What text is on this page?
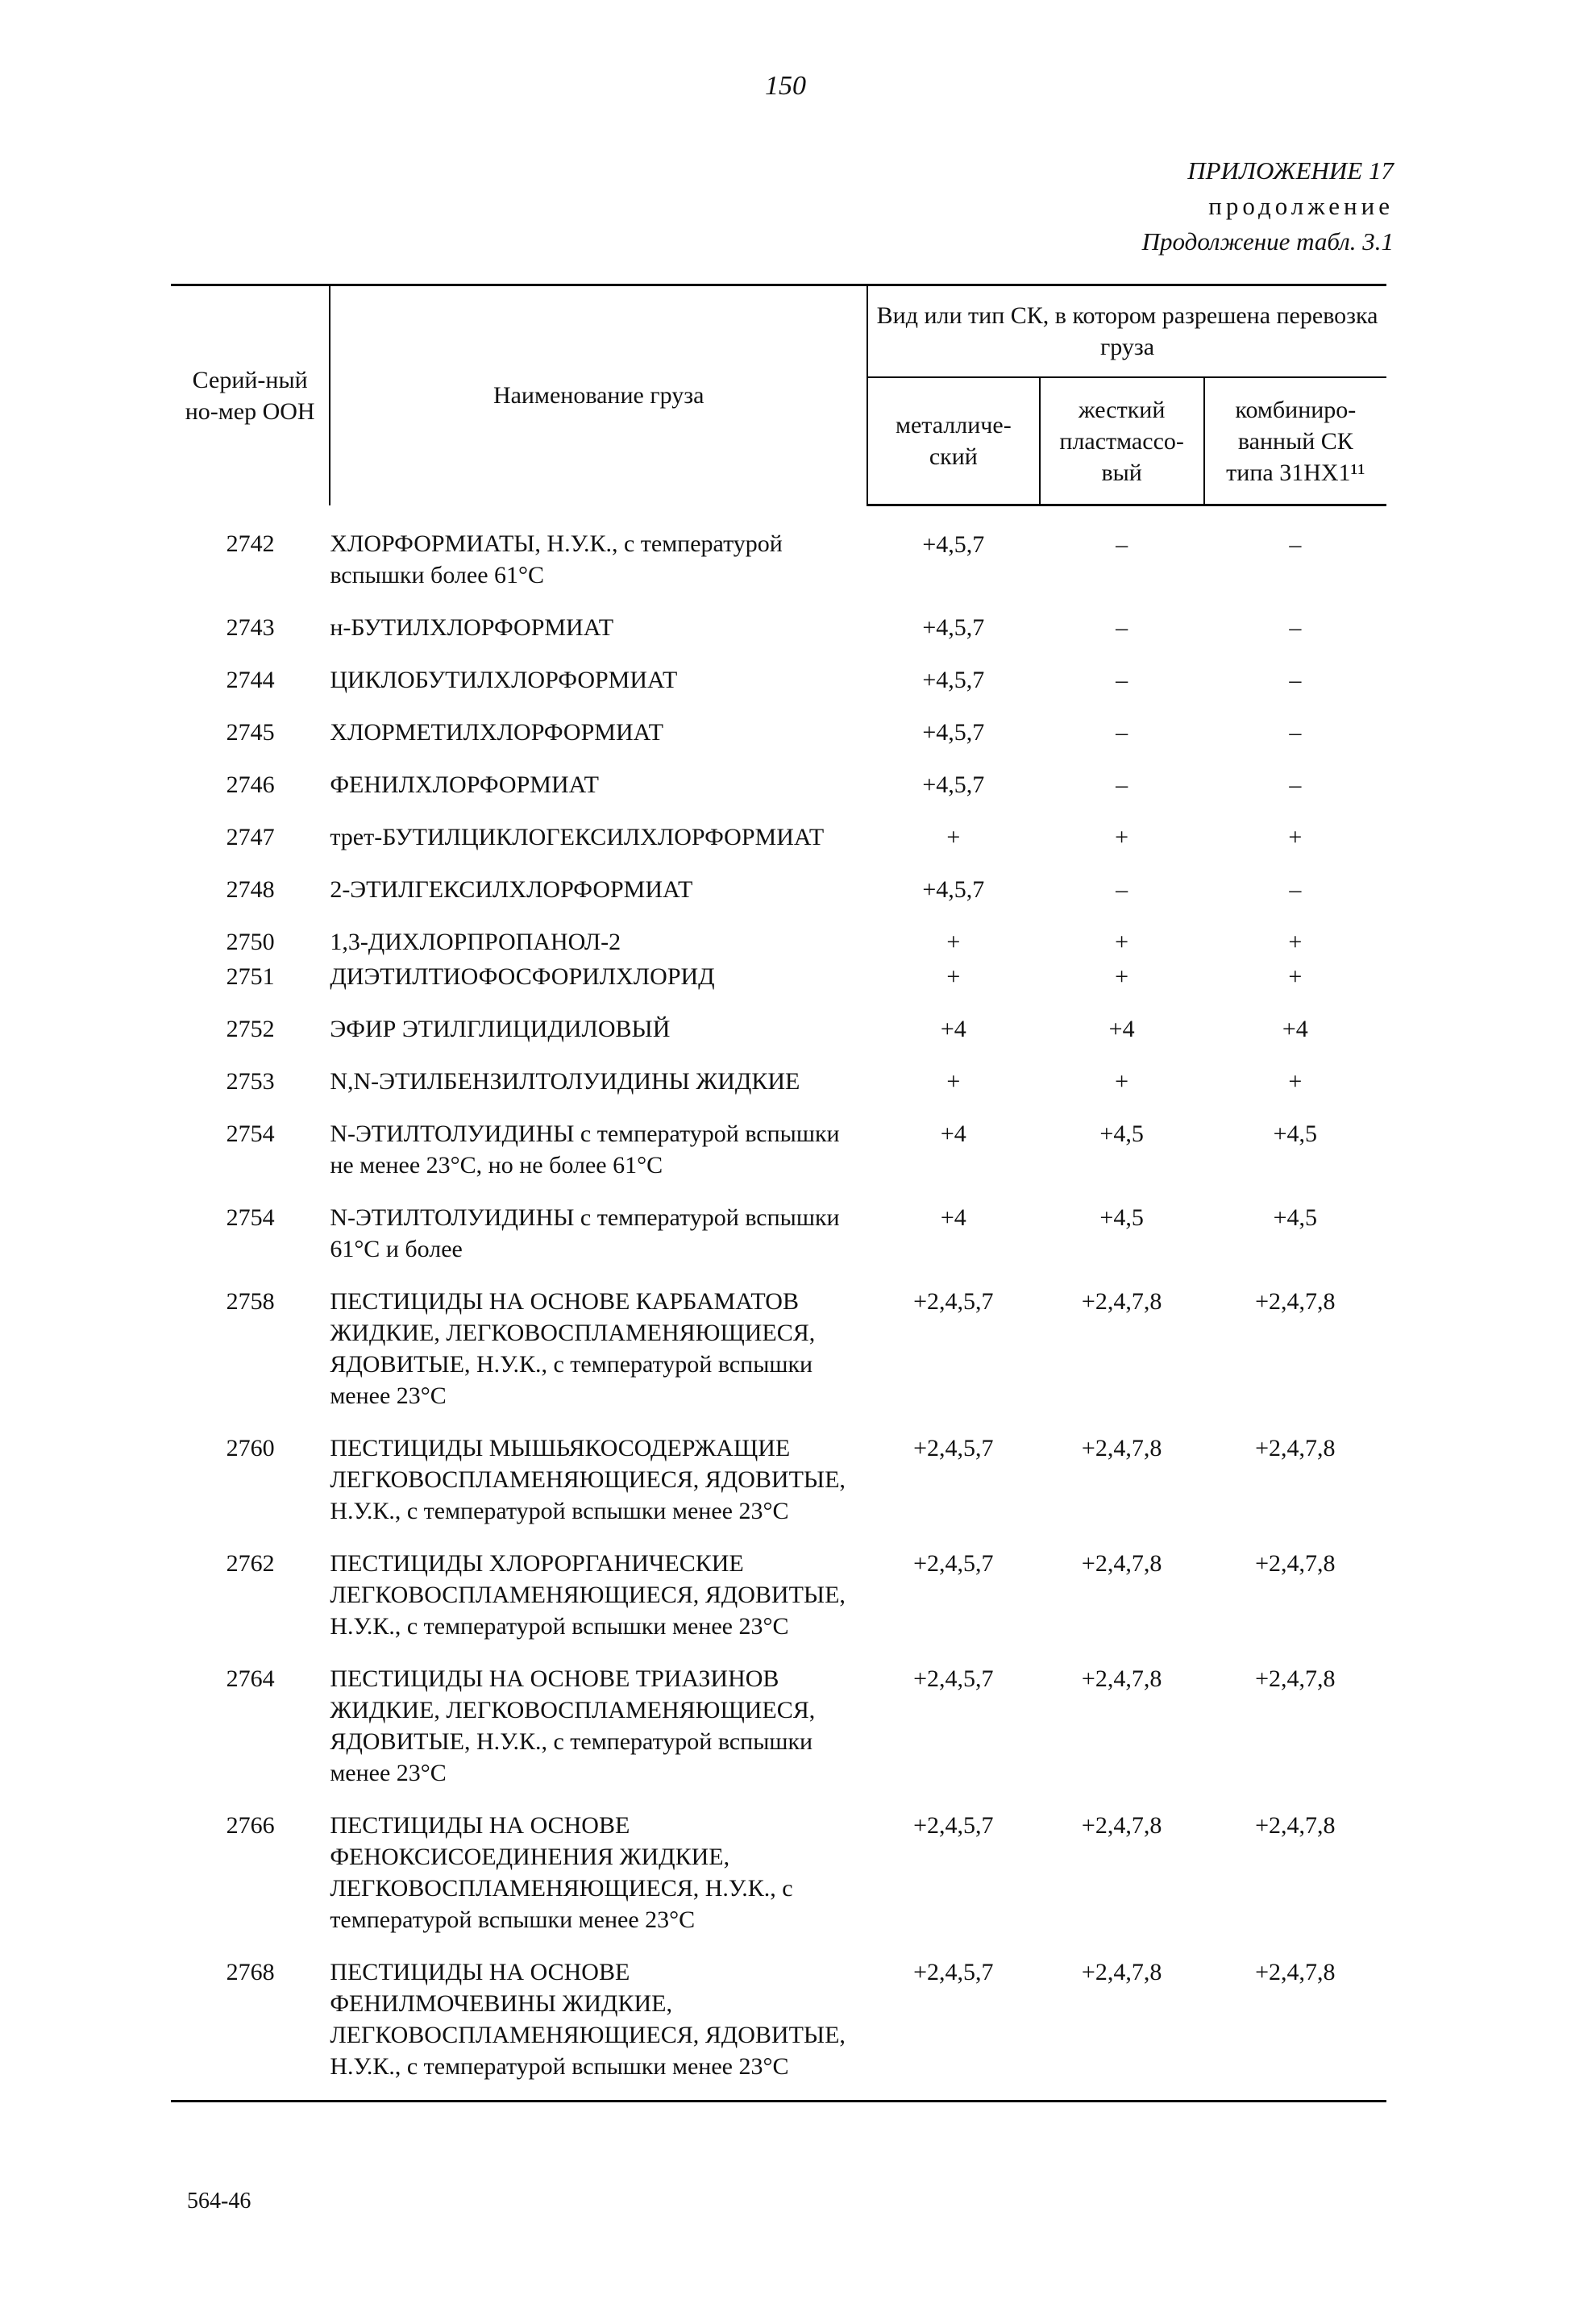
150
ПРИЛОЖЕНИЕ 17
продолжение
Продолжение табл. 3.1
Серий-ный но-мер ООН	Наименование груза	Вид или тип СК, в котором разрешена перевозка груза		
		металличе-ский	жесткий пластмассо-вый	комбиниро-ванный СК типа 31НХ1¹¹
2742	ХЛОРФОРМИАТЫ, Н.У.К., с температурой вспышки более 61°С	+4,5,7	–	–
2743	н-БУТИЛХЛОРФОРМИАТ	+4,5,7	–	–
2744	ЦИКЛОБУТИЛХЛОРФОРМИАТ	+4,5,7	–	–
2745	ХЛОРМЕТИЛХЛОРФОРМИАТ	+4,5,7	–	–
2746	ФЕНИЛХЛОРФОРМИАТ	+4,5,7	–	–
2747	трет-БУТИЛЦИКЛОГЕКСИЛХЛОРФОРМИАТ	+	+	+
2748	2-ЭТИЛГЕКСИЛХЛОРФОРМИАТ	+4,5,7	–	–
2750	1,3-ДИХЛОРПРОПАНОЛ-2	+	+	+
2751	ДИЭТИЛТИОФОСФОРИЛХЛОРИД	+	+	+
2752	ЭФИР ЭТИЛГЛИЦИДИЛОВЫЙ	+4	+4	+4
2753	N,N-ЭТИЛБЕНЗИЛТОЛУИДИНЫ ЖИДКИЕ	+	+	+
2754	N-ЭТИЛТОЛУИДИНЫ с температурой вспышки не менее 23°С, но не более 61°С	+4	+4,5	+4,5
2754	N-ЭТИЛТОЛУИДИНЫ с температурой вспышки 61°С и более	+4	+4,5	+4,5
2758	ПЕСТИЦИДЫ НА ОСНОВЕ КАРБАМАТОВ ЖИДКИЕ, ЛЕГКОВОСПЛАМЕНЯЮЩИЕСЯ, ЯДОВИТЫЕ, Н.У.К., с температурой вспышки менее 23°С	+2,4,5,7	+2,4,7,8	+2,4,7,8
2760	ПЕСТИЦИДЫ МЫШЬЯКОСОДЕРЖАЩИЕ ЛЕГКОВОСПЛАМЕНЯЮЩИЕСЯ, ЯДОВИТЫЕ, Н.У.К., с температурой вспышки менее 23°С	+2,4,5,7	+2,4,7,8	+2,4,7,8
2762	ПЕСТИЦИДЫ ХЛОРОРГАНИЧЕСКИЕ ЛЕГКОВОСПЛАМЕНЯЮЩИЕСЯ, ЯДОВИТЫЕ, Н.У.К., с температурой вспышки менее 23°С	+2,4,5,7	+2,4,7,8	+2,4,7,8
2764	ПЕСТИЦИДЫ НА ОСНОВЕ ТРИАЗИНОВ ЖИДКИЕ, ЛЕГКОВОСПЛАМЕНЯЮЩИЕСЯ, ЯДОВИТЫЕ, Н.У.К., с температурой вспышки менее 23°С	+2,4,5,7	+2,4,7,8	+2,4,7,8
2766	ПЕСТИЦИДЫ НА ОСНОВЕ ФЕНОКСИСОЕДИНЕНИЯ ЖИДКИЕ, ЛЕГКОВОСПЛАМЕНЯЮЩИЕСЯ, Н.У.К., с температурой вспышки менее 23°С	+2,4,5,7	+2,4,7,8	+2,4,7,8
2768	ПЕСТИЦИДЫ НА ОСНОВЕ ФЕНИЛМОЧЕВИНЫ ЖИДКИЕ, ЛЕГКОВОСПЛАМЕНЯЮЩИЕСЯ, ЯДОВИТЫЕ, Н.У.К., с температурой вспышки менее 23°С	+2,4,5,7	+2,4,7,8	+2,4,7,8
564-46
